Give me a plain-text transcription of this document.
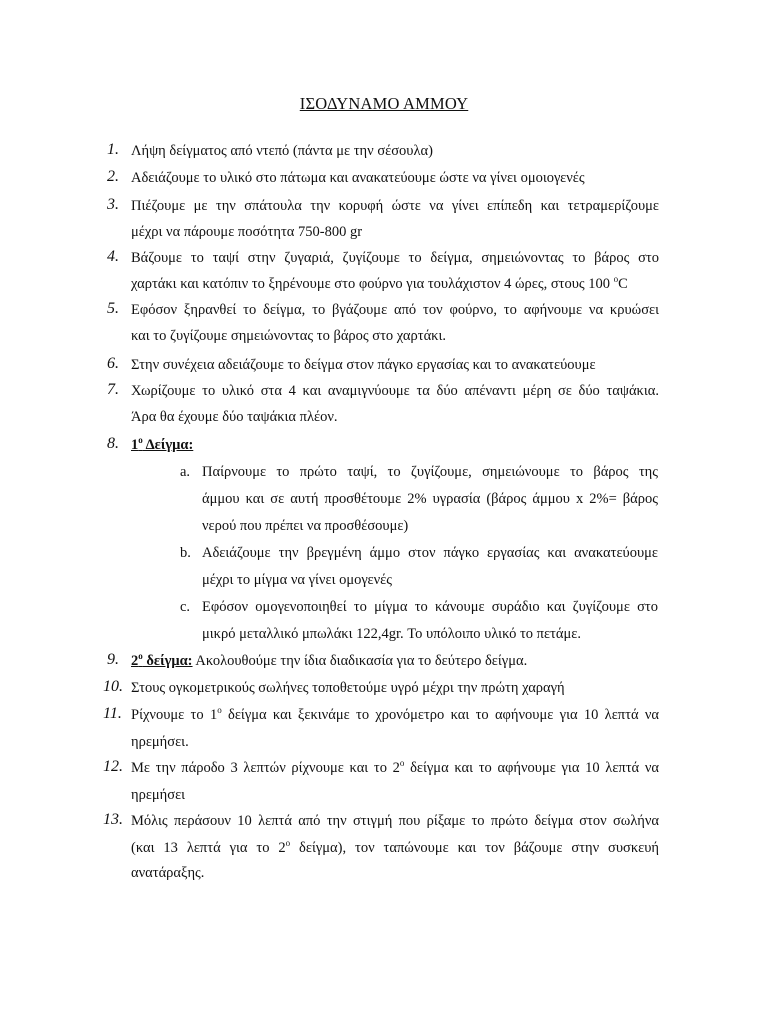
ΙΣΟΔΥΝΑΜΟ ΑΜΜΟΥ
1. Λήψη δείγματος από ντεπό (πάντα με την σέσουλα)
2. Αδειάζουμε το υλικό στο πάτωμα και ανακατεύουμε ώστε να γίνει ομοιογενές
3. Πιέζουμε με την σπάτουλα την κορυφή ώστε να γίνει επίπεδη και τετραμερίζουμε
μέχρι να πάρουμε ποσότητα 750-800 gr
4. Βάζουμε το ταψί στην ζυγαριά, ζυγίζουμε το δείγμα, σημειώνοντας το βάρος στο
χαρτάκι και κατόπιν το ξηρένουμε στο φούρνο για τουλάχιστον 4 ώρες, στους 100 $^o$C
5. Εφόσον ξηρανθεί το δείγμα, το βγάζουμε από τον φούρνο, το αφήνουμε να κρυώσει
και το ζυγίζουμε σημειώνοντας το βάρος στο χαρτάκι.
6. Στην συνέχεια αδειάζουμε το δείγμα στον πάγκο εργασίας και το ανακατεύουμε
7. Χωρίζουμε το υλικό στα 4 και αναμιγνύουμε τα δύο απέναντι μέρη σε δύο ταψάκια.
Άρα θα έχουμε δύο ταψάκια πλέον.
8. $1^o$ Δείγμα:
a. Παίρνουμε το πρώτο ταψί, το ζυγίζουμε, σημειώνουμε το βάρος της
άμμου και σε αυτή προσθέτουμε 2% υγρασία (βάρος άμμου x 2%= βάρος
νερού που πρέπει να προσθέσουμε)
b. Αδειάζουμε την βρεγμένη άμμο στον πάγκο εργασίας και ανακατεύουμε
μέχρι το μίγμα να γίνει ομογενές
c. Εφόσον ομογενοποιηθεί το μίγμα το κάνουμε συράδιο και ζυγίζουμε στο
μικρό μεταλλικό μπωλάκι 122,4gr. Το υπόλοιπο υλικό το πετάμε.
9. $2^o$ δείγμα: Ακολουθούμε την ίδια διαδικασία για το δεύτερο δείγμα.
10. Στους ογκομετρικούς σωλήνες τοποθετούμε υγρό μέχρι την πρώτη χαραγή
11. Ρίχνουμε το $1^o$ δείγμα και ξεκινάμε το χρονόμετρο και το αφήνουμε για 10 λεπτά να
ηρεμήσει.
12. Με την πάροδο 3 λεπτών ρίχνουμε και το $2^o$ δείγμα και το αφήνουμε για 10 λεπτά να
ηρεμήσει
13. Μόλις περάσουν 10 λεπτά από την στιγμή που ρίξαμε το πρώτο δείγμα στον σωλήνα
(και 13 λεπτά για το $2^o$ δείγμα), τον ταπώνουμε και τον βάζουμε στην συσκευή
ανατάραξης.
